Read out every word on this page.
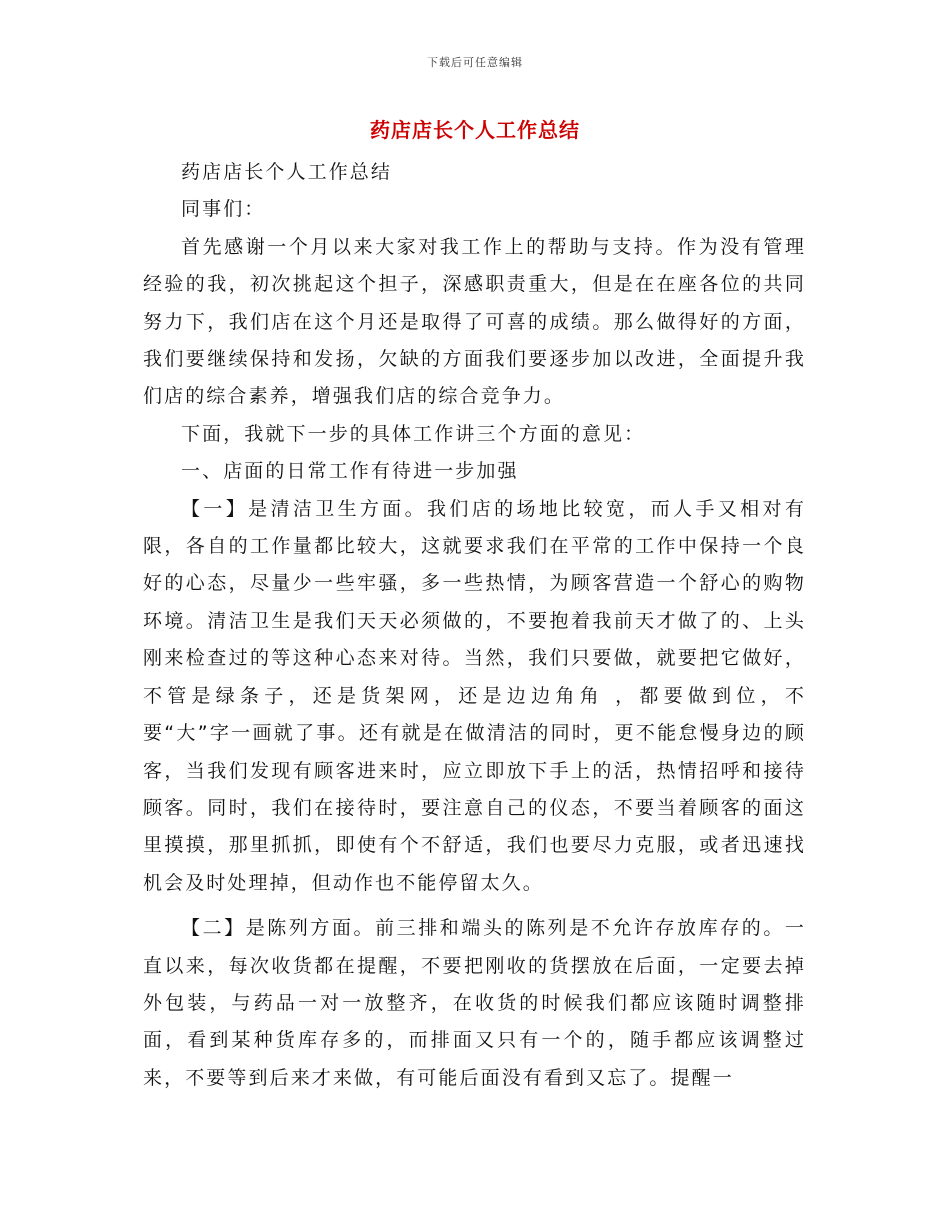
下载后可任意编辑
药店店长个人工作总结

药店店长个人工作总结

同事们：

首先感谢一个月以来大家对我工作上的帮助与支持。作为没有管理经验的我，初次挑起这个担子，深感职责重大，但是在在座各位的共同努力下，我们店在这个月还是取得了可喜的成绩。那么做得好的方面，我们要继续保持和发扬，欠缺的方面我们要逐步加以改进，全面提升我们店的综合素养，增强我们店的综合竞争力。

下面，我就下一步的具体工作讲三个方面的意见：

一、店面的日常工作有待进一步加强

【一】是清洁卫生方面。我们店的场地比较宽，而人手又相对有限，各自的工作量都比较大，这就要求我们在平常的工作中保持一个良好的心态，尽量少一些牢骚，多一些热情，为顾客营造一个舒心的购物环境。清洁卫生是我们天天必须做的，不要抱着我前天才做了的、上头刚来检查过的等这种心态来对待。当然，我们只要做，就要把它做好，不管是绿条子，还是货架网，还是边边角角 ，都要做到位，不要“大”字一画就了事。还有就是在做清洁的同时，更不能怠慢身边的顾客，当我们发现有顾客进来时，应立即放下手上的活，热情招呼和接待顾客。同时，我们在接待时，要注意自己的仪态，不要当着顾客的面这里摸摸，那里抓抓，即使有个不舒适，我们也要尽力克服，或者迅速找机会及时处理掉，但动作也不能停留太久。

【二】是陈列方面。前三排和端头的陈列是不允许存放库存的。一直以来，每次收货都在提醒，不要把刚收的货摆放在后面，一定要去掉外包装，与药品一对一放整齐，在收货的时候我们都应该随时调整排面，看到某种货库存多的，而排面又只有一个的，随手都应该调整过来，不要等到后来才来做，有可能后面没有看到又忘了。提醒一
